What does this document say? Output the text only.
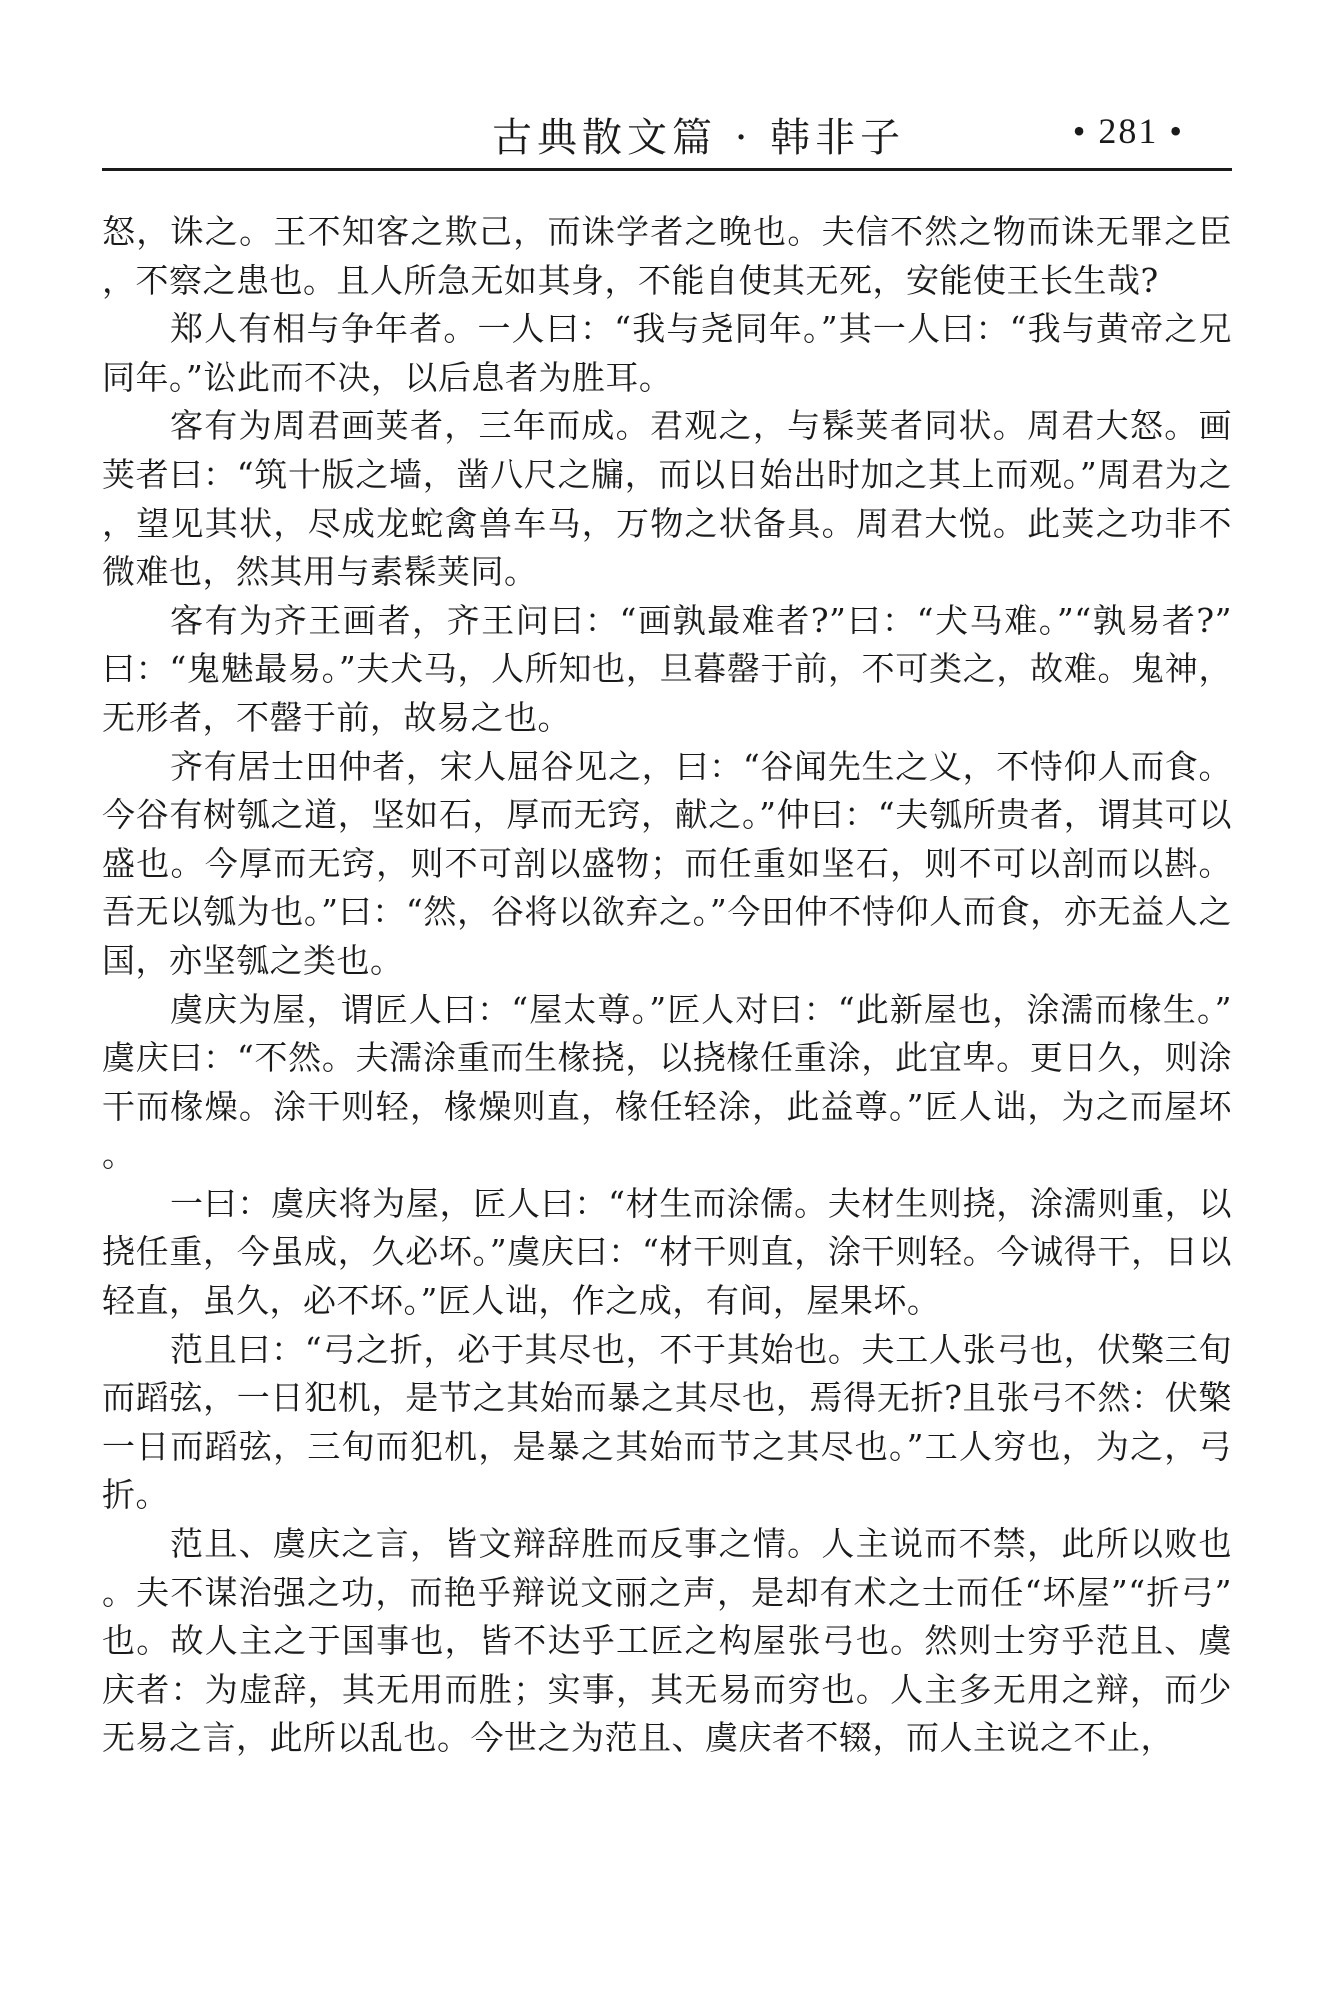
古典散文篇 · 韩非子	• 281 •

怒，诛之。王不知客之欺己，而诛学者之晚也。夫信不然之物而诛无罪之臣，不察之患也。且人所急无如其身，不能自使其无死，安能使王长生哉?

郑人有相与争年者。一人曰：“我与尧同年。”其一人曰：“我与黄帝之兄同年。”讼此而不决，以后息者为胜耳。

客有为周君画荚者，三年而成。君观之，与髹荚者同状。周君大怒。画荚者曰：“筑十版之墙，凿八尺之牖，而以日始出时加之其上而观。”周君为之，望见其状，尽成龙蛇禽兽车马，万物之状备具。周君大悦。此荚之功非不微难也，然其用与素髹荚同。

客有为齐王画者，齐王问曰：“画孰最难者?”曰：“犬马难。”“孰易者?”曰：“鬼魅最易。”夫犬马，人所知也，旦暮罄于前，不可类之，故难。鬼神，无形者，不罄于前，故易之也。

齐有居士田仲者，宋人屈谷见之，曰：“谷闻先生之义，不恃仰人而食。今谷有树瓠之道，坚如石，厚而无窍，献之。”仲曰：“夫瓠所贵者，谓其可以盛也。今厚而无窍，则不可剖以盛物；而任重如坚石，则不可以剖而以斟。吾无以瓠为也。”曰：“然，谷将以欲弃之。”今田仲不恃仰人而食，亦无益人之国，亦坚瓠之类也。

虞庆为屋，谓匠人曰：“屋太尊。”匠人对曰：“此新屋也，涂濡而椽生。”虞庆曰：“不然。夫濡涂重而生椽挠，以挠椽任重涂，此宜卑。更日久，则涂干而椽燥。涂干则轻，椽燥则直，椽任轻涂，此益尊。”匠人诎，为之而屋坏。

一曰：虞庆将为屋，匠人曰：“材生而涂儒。夫材生则挠，涂濡则重，以挠任重，今虽成，久必坏。”虞庆曰：“材干则直，涂干则轻。今诚得干，日以轻直，虽久，必不坏。”匠人诎，作之成，有间，屋果坏。

范且曰：“弓之折，必于其尽也，不于其始也。夫工人张弓也，伏檠三旬而蹈弦，一日犯机，是节之其始而暴之其尽也，焉得无折?且张弓不然：伏檠一日而蹈弦，三旬而犯机，是暴之其始而节之其尽也。”工人穷也，为之，弓折。

范且、虞庆之言，皆文辩辞胜而反事之情。人主说而不禁，此所以败也。夫不谋治强之功，而艳乎辩说文丽之声，是却有术之士而任“坏屋”“折弓”也。故人主之于国事也，皆不达乎工匠之构屋张弓也。然则士穷乎范且、虞庆者：为虚辞，其无用而胜；实事，其无易而穷也。人主多无用之辩，而少无易之言，此所以乱也。今世之为范且、虞庆者不辍，而人主说之不止，
